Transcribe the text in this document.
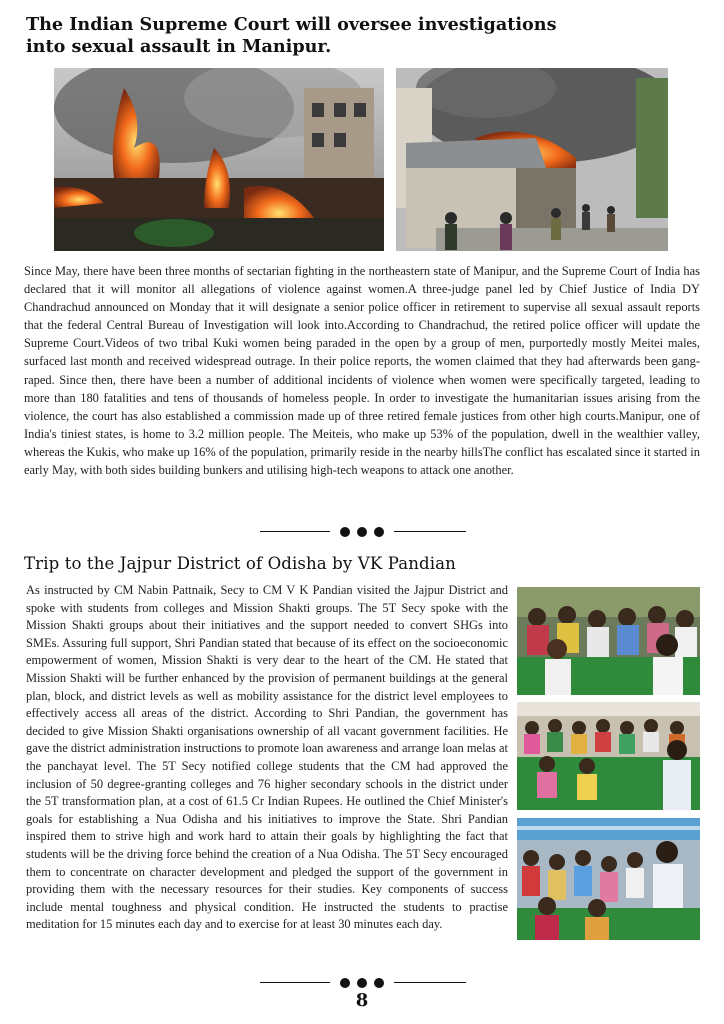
The Indian Supreme Court will oversee investigations
into sexual assault in Manipur.
Since May, there have been three months of sectarian fighting in the northeastern state of Manipur, and the Supreme Court of India has declared that it will monitor all allegations of violence against women.A three-judge panel led by Chief Justice of India DY Chandrachud announced on Monday that it will designate a senior police officer in retirement to supervise all sexual assault reports that the federal Central Bureau of Investigation will look into.According to Chandrachud, the retired police officer will update the Supreme Court.Videos of two tribal Kuki women being paraded in the open by a group of men, purportedly mostly Meitei males, surfaced last month and received widespread outrage. In their police reports, the women claimed that they had afterwards been gang-raped. Since then, there have been a number of additional incidents of violence when women were specifically targeted, leading to more than 180 fatalities and tens of thousands of homeless people. In order to investigate the humanitarian issues arising from the violence, the court has also established a commission made up of three retired female justices from other high courts.Manipur, one of India's tiniest states, is home to 3.2 million people. The Meiteis, who make up 53% of the population, dwell in the wealthier valley, whereas the Kukis, who make up 16% of the population, primarily reside in the nearby hillsThe conflict has escalated since it started in early May, with both sides building bunkers and utilising high-tech weapons to attack one another.
Trip to the Jajpur District of Odisha by VK Pandian
As instructed by CM Nabin Pattnaik, Secy to CM V K Pandian visited the Jajpur District and spoke with students from colleges and Mission Shakti groups. The 5T Secy spoke with the Mission Shakti groups about their initiatives and the support needed to convert SHGs into SMEs. Assuring full support, Shri Pandian stated that because of its effect on the socioeconomic empowerment of women, Mission Shakti is very dear to the heart of the CM. He stated that Mission Shakti will be further enhanced by the provision of permanent buildings at the general plan, block, and district levels as well as mobility assistance for the district level employees to effectively access all areas of the district. According to Shri Pandian, the government has decided to give Mission Shakti organisations ownership of all vacant government facilities. He gave the district administration instructions to promote loan awareness and arrange loan melas at the panchayat level. The 5T Secy notified college students that the CM had approved the inclusion of 50 degree-granting colleges and 76 higher secondary schools in the district under the 5T transformation plan, at a cost of 61.5 Cr Indian Rupees. He outlined the Chief Minister's goals for establishing a Nua Odisha and his initiatives to improve the State. Shri Pandian inspired them to strive high and work hard to attain their goals by highlighting the fact that students will be the driving force behind the creation of a Nua Odisha. The 5T Secy encouraged them to concentrate on character development and pledged the support of the government in providing them with the necessary resources for their studies. Key components of success include mental toughness and physical condition. He instructed the students to practise meditation for 15 minutes each day and to exercise for at least 30 minutes each day.
8
